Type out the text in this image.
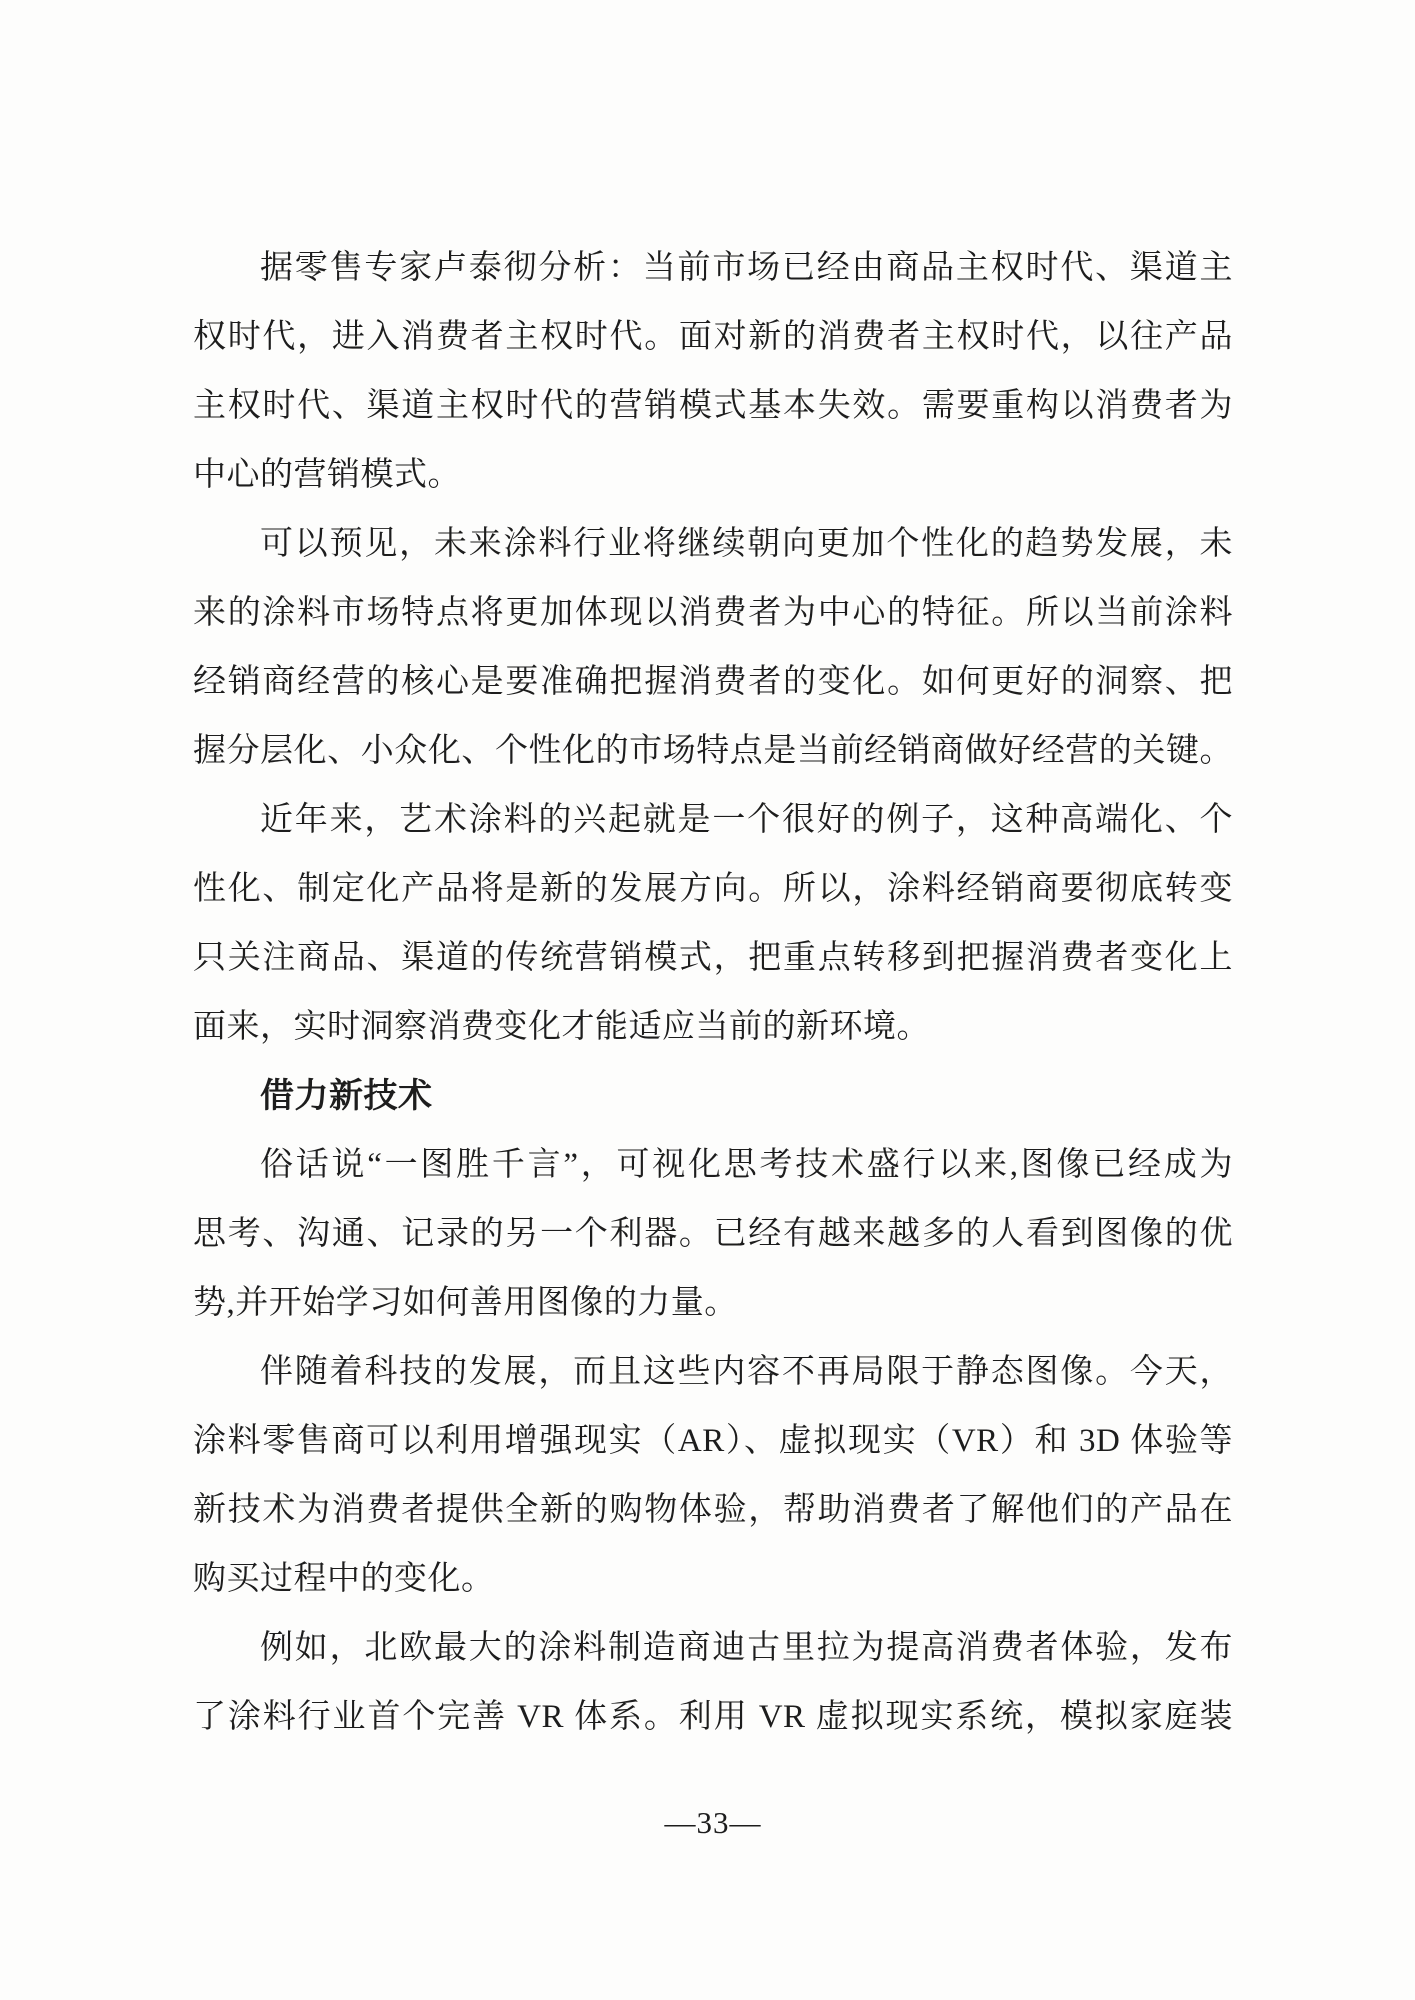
据零售专家卢泰彻分析：当前市场已经由商品主权时代、渠道主
权时代，进入消费者主权时代。面对新的消费者主权时代，以往产品
主权时代、渠道主权时代的营销模式基本失效。需要重构以消费者为
中心的营销模式。
可以预见，未来涂料行业将继续朝向更加个性化的趋势发展，未
来的涂料市场特点将更加体现以消费者为中心的特征。所以当前涂料
经销商经营的核心是要准确把握消费者的变化。如何更好的洞察、把
握分层化、小众化、个性化的市场特点是当前经销商做好经营的关键。
近年来，艺术涂料的兴起就是一个很好的例子，这种高端化、个
性化、制定化产品将是新的发展方向。所以，涂料经销商要彻底转变
只关注商品、渠道的传统营销模式，把重点转移到把握消费者变化上
面来，实时洞察消费变化才能适应当前的新环境。
借力新技术
俗话说“一图胜千言”，可视化思考技术盛行以来,图像已经成为
思考、沟通、记录的另一个利器。已经有越来越多的人看到图像的优
势,并开始学习如何善用图像的力量。
伴随着科技的发展，而且这些内容不再局限于静态图像。今天，
涂料零售商可以利用增强现实（AR）、虚拟现实（VR）和 3D 体验等
新技术为消费者提供全新的购物体验，帮助消费者了解他们的产品在
购买过程中的变化。
例如，北欧最大的涂料制造商迪古里拉为提高消费者体验，发布
了涂料行业首个完善 VR 体系。利用 VR 虚拟现实系统，模拟家庭装
—33—
